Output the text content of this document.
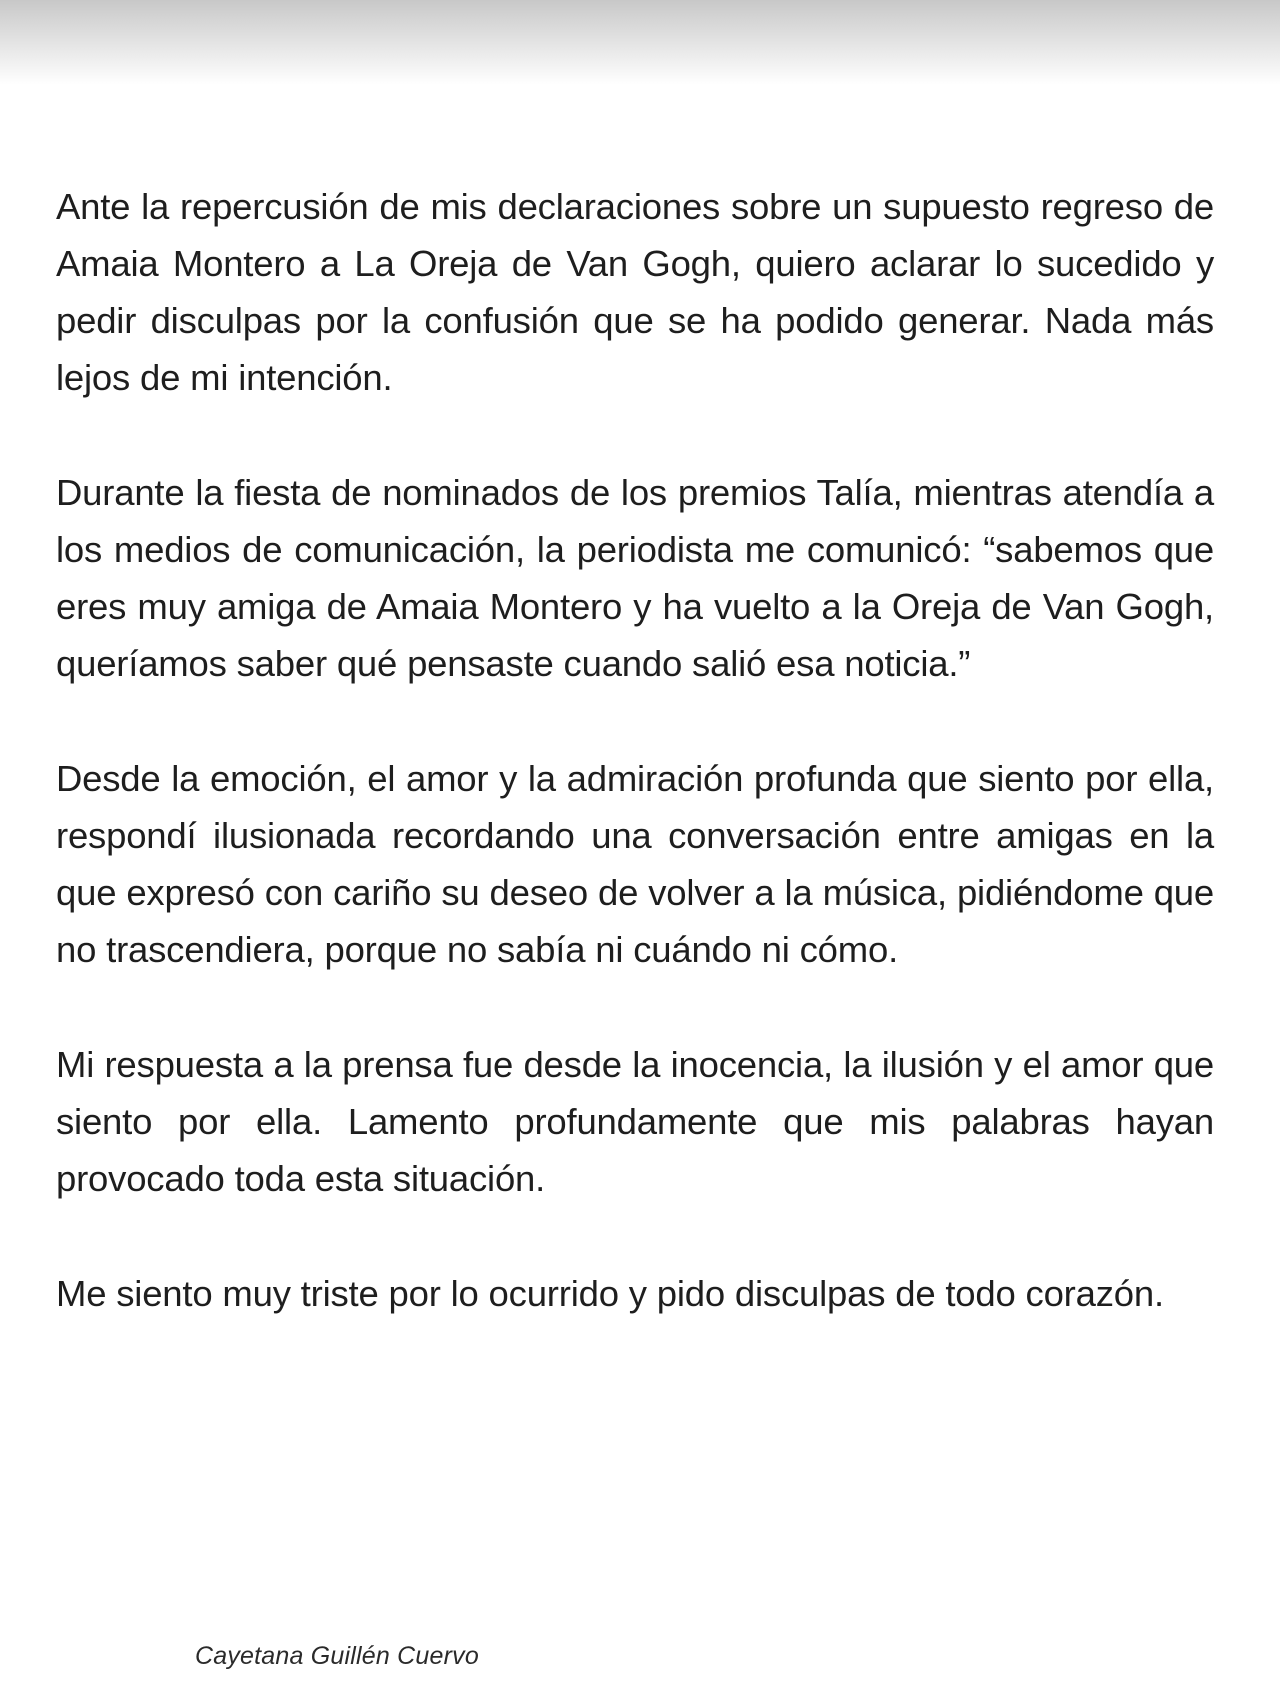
Ante la repercusión de mis declaraciones sobre un supuesto regreso de Amaia Montero a La Oreja de Van Gogh, quiero aclarar lo sucedido y pedir disculpas por la confusión que se ha podido generar. Nada más lejos de mi intención.

Durante la fiesta de nominados de los premios Talía, mientras atendía a los medios de comunicación, la periodista me comunicó: “sabemos que eres muy amiga de Amaia Montero y ha vuelto a la Oreja de Van Gogh, queríamos saber qué pensaste cuando salió esa noticia.”

Desde la emoción, el amor y la admiración profunda que siento por ella, respondí ilusionada recordando una conversación entre amigas en la que expresó con cariño su deseo de volver a la música, pidiéndome que no trascendiera, porque no sabía ni cuándo ni cómo.

Mi respuesta a la prensa fue desde la inocencia, la ilusión y el amor que siento por ella. Lamento profundamente que mis palabras hayan provocado toda esta situación.

Me siento muy triste por lo ocurrido y pido disculpas de todo corazón.

Cayetana Guillén Cuervo
